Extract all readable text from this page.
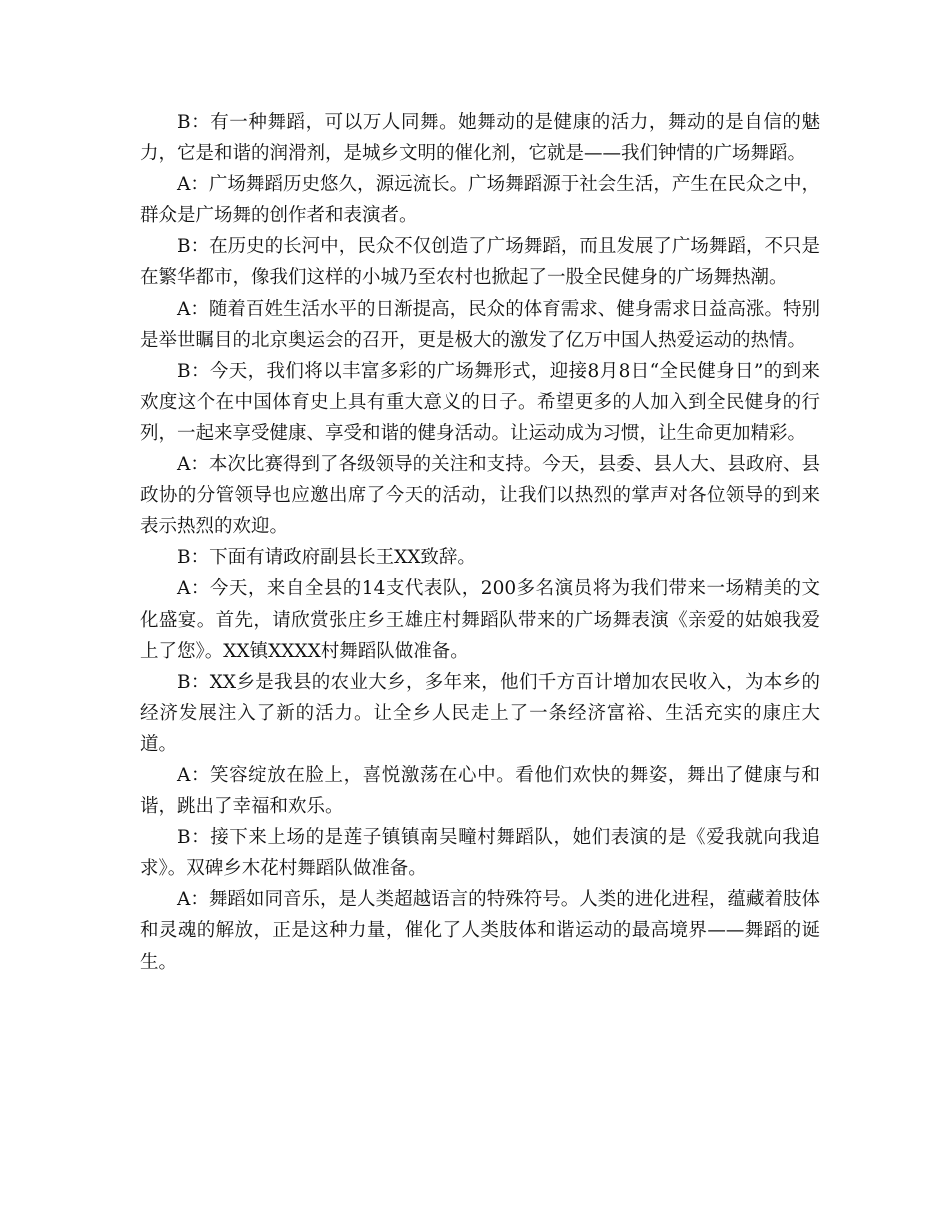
B：有一种舞蹈，可以万人同舞。她舞动的是健康的活力，舞动的是自信的魅力，它是和谐的润滑剂，是城乡文明的催化剂，它就是——我们钟情的广场舞蹈。

A：广场舞蹈历史悠久，源远流长。广场舞蹈源于社会生活，产生在民众之中，群众是广场舞的创作者和表演者。

B：在历史的长河中，民众不仅创造了广场舞蹈，而且发展了广场舞蹈，不只是在繁华都市，像我们这样的小城乃至农村也掀起了一股全民健身的广场舞热潮。

A：随着百姓生活水平的日渐提高，民众的体育需求、健身需求日益高涨。特别是举世瞩目的北京奥运会的召开，更是极大的激发了亿万中国人热爱运动的热情。

B：今天，我们将以丰富多彩的广场舞形式，迎接8月8日“全民健身日”的到来欢度这个在中国体育史上具有重大意义的日子。希望更多的人加入到全民健身的行列，一起来享受健康、享受和谐的健身活动。让运动成为习惯，让生命更加精彩。

A：本次比赛得到了各级领导的关注和支持。今天，县委、县人大、县政府、县政协的分管领导也应邀出席了今天的活动，让我们以热烈的掌声对各位领导的到来表示热烈的欢迎。

B：下面有请政府副县长王XX致辞。

A：今天，来自全县的14支代表队，200多名演员将为我们带来一场精美的文化盛宴。首先，请欣赏张庄乡王雄庄村舞蹈队带来的广场舞表演《亲爱的姑娘我爱上了您》。XX镇XXXX村舞蹈队做准备。

B：XX乡是我县的农业大乡，多年来，他们千方百计增加农民收入，为本乡的经济发展注入了新的活力。让全乡人民走上了一条经济富裕、生活充实的康庄大道。

A：笑容绽放在脸上，喜悦激荡在心中。看他们欢快的舞姿，舞出了健康与和谐，跳出了幸福和欢乐。

B：接下来上场的是莲子镇镇南吴疃村舞蹈队，她们表演的是《爱我就向我追求》。双碑乡木花村舞蹈队做准备。

A：舞蹈如同音乐，是人类超越语言的特殊符号。人类的进化进程，蕴藏着肢体和灵魂的解放，正是这种力量，催化了人类肢体和谐运动的最高境界——舞蹈的诞生。
